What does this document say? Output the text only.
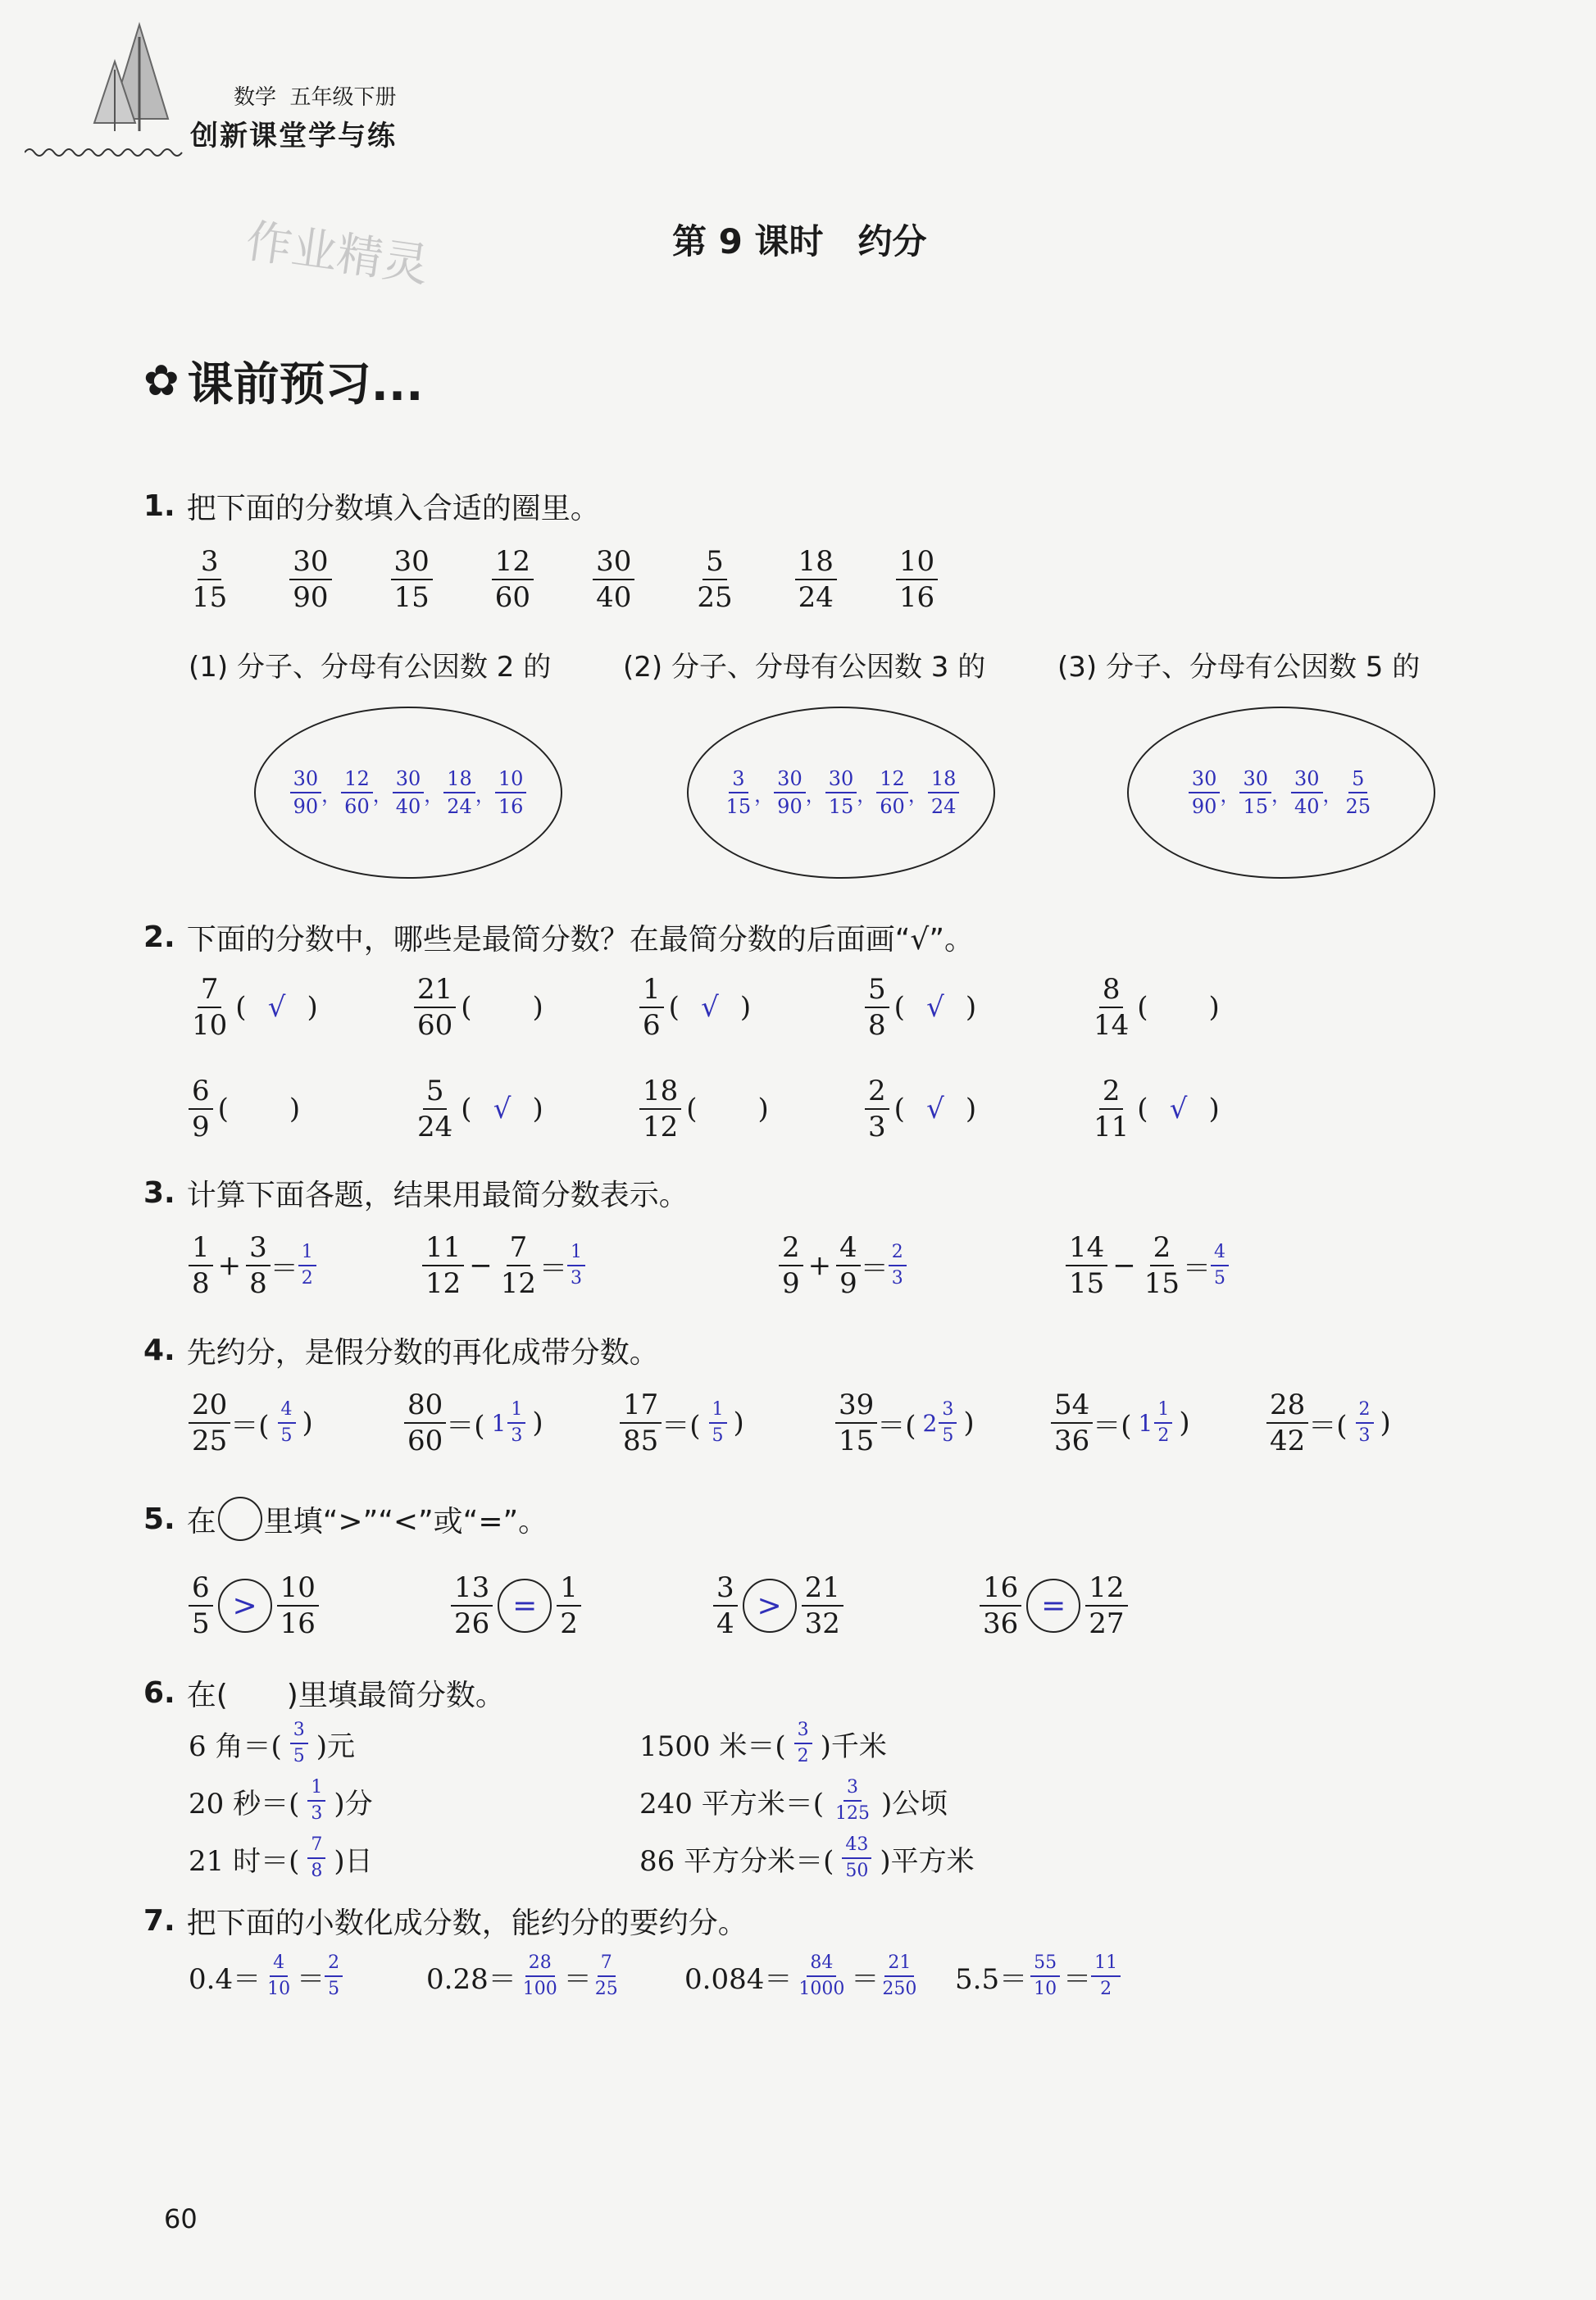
数学 五年级下册
创新课堂学与练
作业精灵	第 9 课时　约分
✿ 课前预习...
1. 把下面的分数填入合适的圈里。
$\frac{3}{15} \frac{30}{90} \frac{30}{15} \frac{12}{60} \frac{30}{40} \frac{5}{25} \frac{18}{24} \frac{10}{16}$
(1) 分子、分母有公因数 2 的	(2) 分子、分母有公因数 3 的	(3) 分子、分母有公因数 5 的
$\frac{30}{90}$ ， $\frac{12}{60}$ ， $\frac{30}{40}$ ， $\frac{18}{24}$ ， $\frac{10}{16}$	$\frac{3}{15}$ ， $\frac{30}{90}$ ， $\frac{30}{15}$ ， $\frac{12}{60}$ ， $\frac{18}{24}$	$\frac{30}{90}$ ， $\frac{30}{15}$ ， $\frac{30}{40}$ ， $\frac{5}{25}$
2. 下面的分数中，哪些是最简分数？在最简分数的后面画“√”。
$\frac{7}{10}$ ( √ )	$\frac{21}{60}$ ( )	$\frac{1}{6}$ ( √ )	$\frac{5}{8}$ ( √ )	$\frac{8}{14}$ ( )
$\frac{6}{9}$ ( )	$\frac{5}{24}$ ( √ )	$\frac{18}{12}$ ( )	$\frac{2}{3}$ ( √ )	$\frac{2}{11}$ ( √ )
3. 计算下面各题，结果用最简分数表示。
$\frac{1}{8} + \frac{3}{8} = \frac{1}{2}$	$\frac{11}{12} - \frac{7}{12} = \frac{1}{3}$	$\frac{2}{9} + \frac{4}{9} = \frac{2}{3}$	$\frac{14}{15} - \frac{2}{15} = \frac{4}{5}$
4. 先约分，是假分数的再化成带分数。
$\frac{20}{25}$ ＝( $\frac{4}{5}$ )	$\frac{80}{60}$ ＝( $1 \frac{1}{3}$ )	$\frac{17}{85}$ ＝( $\frac{1}{5}$ )	$\frac{39}{15}$ ＝( $2 \frac{3}{5}$ )	$\frac{54}{36}$ ＝( $1 \frac{1}{2}$ )	$\frac{28}{42}$ ＝( $\frac{2}{3}$ )
5. 在 里填“>”“<”或“=”。
$\frac{6}{5} > \frac{10}{16}$	$\frac{13}{26} = \frac{1}{2}$	$\frac{3}{4} > \frac{21}{32}$	$\frac{16}{36} = \frac{12}{27}$
6. 在(　　)里填最简分数。
6 角＝( $\frac{3}{5}$ )元	1500 米＝( $\frac{3}{2}$ )千米
20 秒＝( $\frac{1}{3}$ )分	240 平方米＝( $\frac{3}{125}$ )公顷
21 时＝( $\frac{7}{8}$ )日	86 平方分米＝( $\frac{43}{50}$ )平方米
7. 把下面的小数化成分数，能约分的要约分。
$0.4= \frac{4}{10} = \frac{2}{5}$	$0.28= \frac{28}{100} = \frac{7}{25} 0.084= \frac{84}{1000} = \frac{21}{250} 5.5= \frac{55}{10} = \frac{11}{2}$
60
